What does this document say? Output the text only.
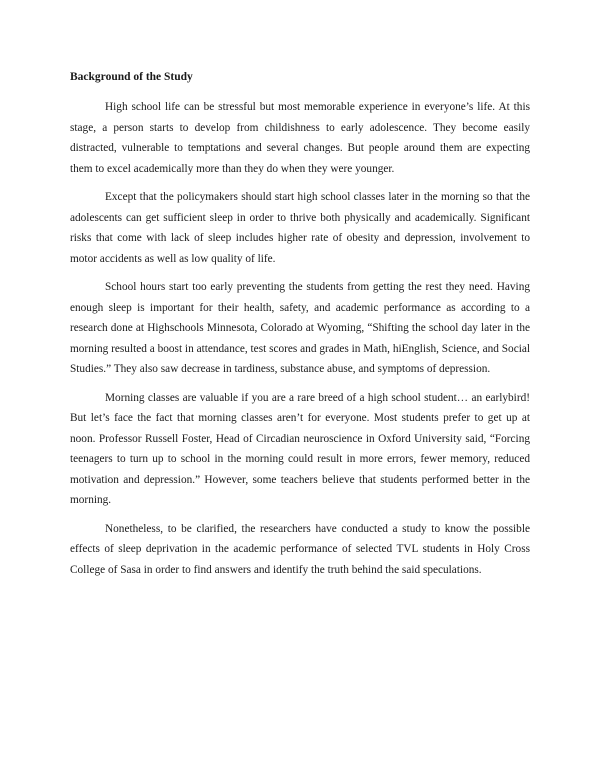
Background of the Study

High school life can be stressful but most memorable experience in everyone’s life. At this stage, a person starts to develop from childishness to early adolescence. They become easily distracted, vulnerable to temptations and several changes. But people around them are expecting them to excel academically more than they do when they were younger.

Except that the policymakers should start high school classes later in the morning so that the adolescents can get sufficient sleep in order to thrive both physically and academically. Significant risks that come with lack of sleep includes higher rate of obesity and depression, involvement to motor accidents as well as low quality of life.

School hours start too early preventing the students from getting the rest they need. Having enough sleep is important for their health, safety, and academic performance as according to a research done at Highschools Minnesota, Colorado at Wyoming, “Shifting the school day later in the morning resulted a boost in attendance, test scores and grades in Math, hiEnglish, Science, and Social Studies.” They also saw decrease in tardiness, substance abuse, and symptoms of depression.

Morning classes are valuable if you are a rare breed of a high school student… an earlybird! But let’s face the fact that morning classes aren’t for everyone. Most students prefer to get up at noon. Professor Russell Foster, Head of Circadian neuroscience in Oxford University said, “Forcing teenagers to turn up to school in the morning could result in more errors, fewer memory, reduced motivation and depression.” However, some teachers believe that students performed better in the morning.

Nonetheless, to be clarified, the researchers have conducted a study to know the possible effects of sleep deprivation in the academic performance of selected TVL students in Holy Cross College of Sasa in order to find answers and identify the truth behind the said speculations.
